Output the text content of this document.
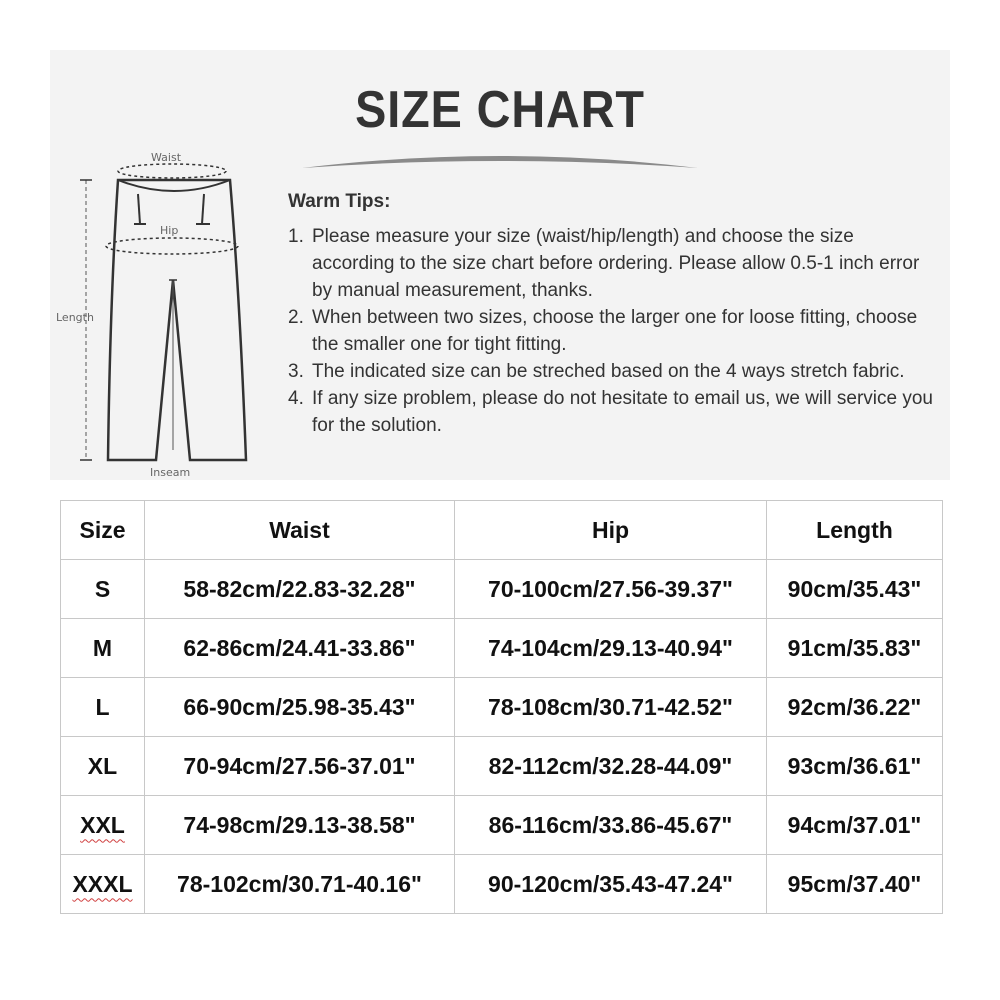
SIZE CHART
Waist
Hip
Length
Inseam
Warm Tips:
1. Please measure your size (waist/hip/length) and choose the size according to the size chart before ordering. Please allow 0.5-1 inch error by manual measurement, thanks.
2. When between two sizes, choose the larger one for loose fitting, choose the smaller one for tight fitting.
3. The indicated size can be streched based on the 4 ways stretch fabric.
4. If any size problem, please do not hesitate to email us, we will service you for the solution.
Size	Waist	Hip	Length
S	58-82cm/22.83-32.28"	70-100cm/27.56-39.37"	90cm/35.43"
M	62-86cm/24.41-33.86"	74-104cm/29.13-40.94"	91cm/35.83"
L	66-90cm/25.98-35.43"	78-108cm/30.71-42.52"	92cm/36.22"
XL	70-94cm/27.56-37.01"	82-112cm/32.28-44.09"	93cm/36.61"
XXL	74-98cm/29.13-38.58"	86-116cm/33.86-45.67"	94cm/37.01"
XXXL	78-102cm/30.71-40.16"	90-120cm/35.43-47.24"	95cm/37.40"
